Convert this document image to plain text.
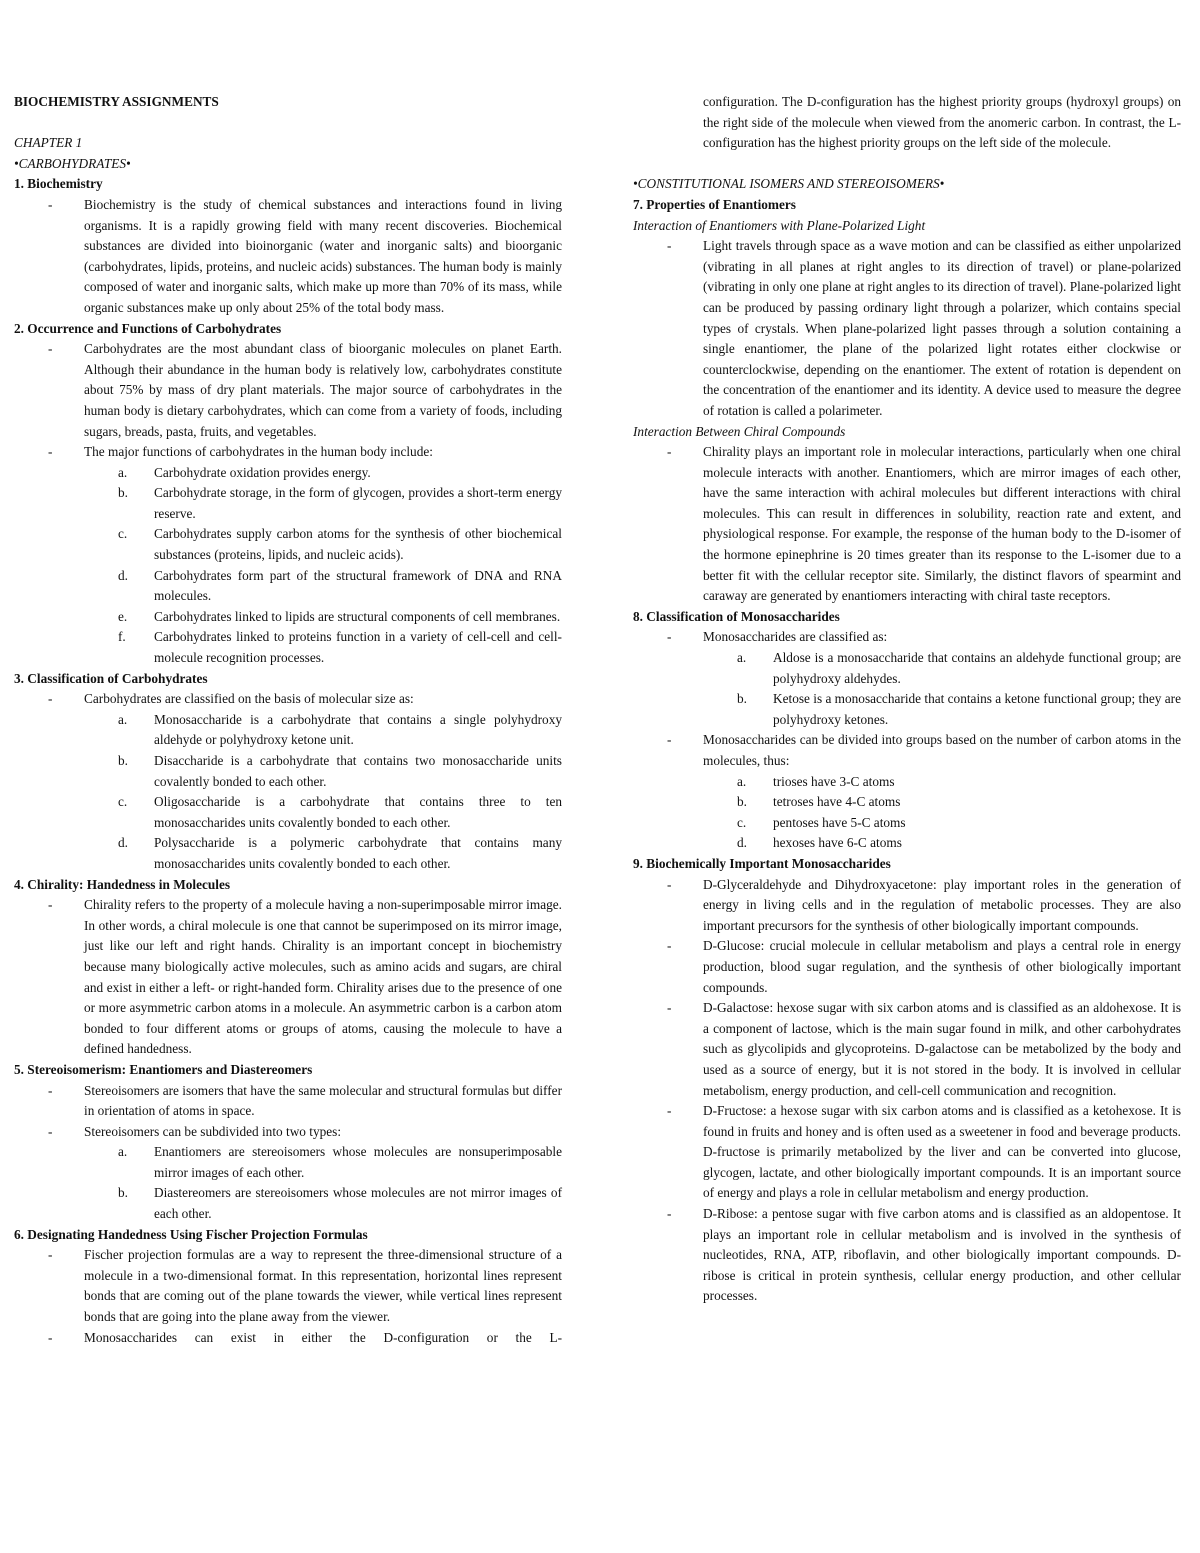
BIOCHEMISTRY ASSIGNMENTS

CHAPTER 1

•CARBOHYDRATES•

1. Biochemistry

-	Biochemistry is the study of chemical substances and interactions found in living organisms. It is a rapidly growing field with many recent discoveries. Biochemical substances are divided into bioinorganic (water and inorganic salts) and bioorganic (carbohydrates, lipids, proteins, and nucleic acids) substances. The human body is mainly composed of water and inorganic salts, which make up more than 70% of its mass, while organic substances make up only about 25% of the total body mass.

2. Occurrence and Functions of Carbohydrates

-	Carbohydrates are the most abundant class of bioorganic molecules on planet Earth. Although their abundance in the human body is relatively low, carbohydrates constitute about 75% by mass of dry plant materials. The major source of carbohydrates in the human body is dietary carbohydrates, which can come from a variety of foods, including sugars, breads, pasta, fruits, and vegetables.
-	The major functions of carbohydrates in the human body include:
a.	Carbohydrate oxidation provides energy.
b.	Carbohydrate storage, in the form of glycogen, provides a short-term energy reserve.
c.	Carbohydrates supply carbon atoms for the synthesis of other biochemical substances (proteins, lipids, and nucleic acids).
d.	Carbohydrates form part of the structural framework of DNA and RNA molecules.
e.	Carbohydrates linked to lipids are structural components of cell membranes.
f.	Carbohydrates linked to proteins function in a variety of cell-cell and cell-molecule recognition processes.

3. Classification of Carbohydrates

-	Carbohydrates are classified on the basis of molecular size as:
a.	Monosaccharide is a carbohydrate that contains a single polyhydroxy aldehyde or polyhydroxy ketone unit.
b.	Disaccharide is a carbohydrate that contains two monosaccharide units covalently bonded to each other.
c.	Oligosaccharide is a carbohydrate that contains three to ten monosaccharides units covalently bonded to each other.
d.	Polysaccharide is a polymeric carbohydrate that contains many monosaccharides units covalently bonded to each other.

4. Chirality: Handedness in Molecules

-	Chirality refers to the property of a molecule having a non-superimposable mirror image. In other words, a chiral molecule is one that cannot be superimposed on its mirror image, just like our left and right hands. Chirality is an important concept in biochemistry because many biologically active molecules, such as amino acids and sugars, are chiral and exist in either a left- or right-handed form. Chirality arises due to the presence of one or more asymmetric carbon atoms in a molecule. An asymmetric carbon is a carbon atom bonded to four different atoms or groups of atoms, causing the molecule to have a defined handedness.

5. Stereoisomerism: Enantiomers and Diastereomers

-	Stereoisomers are isomers that have the same molecular and structural formulas but differ in orientation of atoms in space.
-	Stereoisomers can be subdivided into two types:
a.	Enantiomers are stereoisomers whose molecules are nonsuperimposable mirror images of each other.
b.	Diastereomers are stereoisomers whose molecules are not mirror images of each other.

6. Designating Handedness Using Fischer Projection Formulas

-	Fischer projection formulas are a way to represent the three-dimensional structure of a molecule in a two-dimensional format. In this representation, horizontal lines represent bonds that are coming out of the plane towards the viewer, while vertical lines represent bonds that are going into the plane away from the viewer.
-	Monosaccharides can exist in either the D-configuration or the L-
configuration. The D-configuration has the highest priority groups (hydroxyl groups) on the right side of the molecule when viewed from the anomeric carbon. In contrast, the L-configuration has the highest priority groups on the left side of the molecule.

•CONSTITUTIONAL ISOMERS AND STEREOISOMERS•

7. Properties of Enantiomers

Interaction of Enantiomers with Plane-Polarized Light

-	Light travels through space as a wave motion and can be classified as either unpolarized (vibrating in all planes at right angles to its direction of travel) or plane-polarized (vibrating in only one plane at right angles to its direction of travel). Plane-polarized light can be produced by passing ordinary light through a polarizer, which contains special types of crystals. When plane-polarized light passes through a solution containing a single enantiomer, the plane of the polarized light rotates either clockwise or counterclockwise, depending on the enantiomer. The extent of rotation is dependent on the concentration of the enantiomer and its identity. A device used to measure the degree of rotation is called a polarimeter.

Interaction Between Chiral Compounds

-	Chirality plays an important role in molecular interactions, particularly when one chiral molecule interacts with another. Enantiomers, which are mirror images of each other, have the same interaction with achiral molecules but different interactions with chiral molecules. This can result in differences in solubility, reaction rate and extent, and physiological response. For example, the response of the human body to the D-isomer of the hormone epinephrine is 20 times greater than its response to the L-isomer due to a better fit with the cellular receptor site. Similarly, the distinct flavors of spearmint and caraway are generated by enantiomers interacting with chiral taste receptors.

8. Classification of Monosaccharides

-	Monosaccharides are classified as:
a.	Aldose is a monosaccharide that contains an aldehyde functional group; are polyhydroxy aldehydes.
b.	Ketose is a monosaccharide that contains a ketone functional group; they are polyhydroxy ketones.
-	Monosaccharides can be divided into groups based on the number of carbon atoms in the molecules, thus:
a.	trioses have 3-C atoms
b.	tetroses have 4-C atoms
c.	pentoses have 5-C atoms
d.	hexoses have 6-C atoms

9. Biochemically Important Monosaccharides

-	D-Glyceraldehyde and Dihydroxyacetone: play important roles in the generation of energy in living cells and in the regulation of metabolic processes. They are also important precursors for the synthesis of other biologically important compounds.
-	D-Glucose: crucial molecule in cellular metabolism and plays a central role in energy production, blood sugar regulation, and the synthesis of other biologically important compounds.
-	D-Galactose: hexose sugar with six carbon atoms and is classified as an aldohexose. It is a component of lactose, which is the main sugar found in milk, and other carbohydrates such as glycolipids and glycoproteins. D-galactose can be metabolized by the body and used as a source of energy, but it is not stored in the body. It is involved in cellular metabolism, energy production, and cell-cell communication and recognition.
-	D-Fructose: a hexose sugar with six carbon atoms and is classified as a ketohexose. It is found in fruits and honey and is often used as a sweetener in food and beverage products. D-fructose is primarily metabolized by the liver and can be converted into glucose, glycogen, lactate, and other biologically important compounds. It is an important source of energy and plays a role in cellular metabolism and energy production.
-	D-Ribose: a pentose sugar with five carbon atoms and is classified as an aldopentose. It plays an important role in cellular metabolism and is involved in the synthesis of nucleotides, RNA, ATP, riboflavin, and other biologically important compounds. D-ribose is critical in protein synthesis, cellular energy production, and other cellular processes.
